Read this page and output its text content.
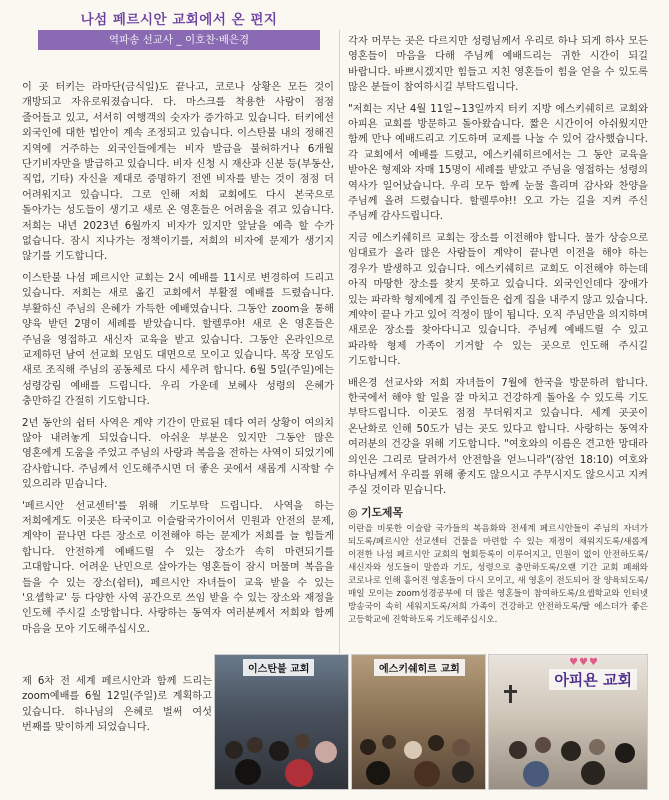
나섬 페르시안 교회에서 온 편지
역파송 선교사 _ 이호찬·배은경

이 곳 터키는 라마단(금식일)도 끝나고, 코로나 상황은 모든 것이 개방되고 자유로워졌습니다. 다. 마스크를 착용한 사람이 점점 줄어들고 있고, 서서히 여행객의 숫자가 증가하고 있습니다. 터키에선 외국인에 대한 법안이 계속 조정되고 있습니다. 이스탄불 내의 정해진 지역에 거주하는 외국인들에게는 비자 발급을 불허하거나 6개월 단기비자만을 발급하고 있습니다. 비자 신청 시 재산과 신분 등(부동산, 직업, 기타) 자신을 제대로 증명하기 전엔 비자를 받는 것이 점점 더 어려워지고 있습니다. 그로 인해 저희 교회에도 다시 본국으로 돌아가는 성도들이 생기고 새로 온 영혼들은 어려움을 겪고 있습니다. 저희는 내년 2023년 6월까지 비자가 있지만 앞날을 예측 할 수가 없습니다. 잠시 지나가는 정책이기를, 저희의 비자에 문제가 생기지 않기를 기도합니다.

이스탄불 나섬 페르시안 교회는 2시 예배를 11시로 변경하여 드리고 있습니다. 저희는 새로 옮긴 교회에서 부활절 예배를 드렸습니다. 부활하신 주님의 은혜가 가득한 예배였습니다. 그동안 zoom을 통해 양육 받던 2명이 세례를 받았습니다. 할렐루야! 새로 온 영혼들은 주님을 영접하고 새신자 교육을 받고 있습니다. 그동안 온라인으로 교제하던 남여 선교회 모임도 대면으로 모이고 있습니다. 목장 모임도 새로 조직해 주님의 공동체로 다시 세우려 합니다. 6월 5일(주일)에는 성령강림 예배를 드립니다. 우리 가운데 보혜사 성령의 은혜가 충만하길 간절히 기도합니다.

2년 동안의 쉼터 사역은 계약 기간이 만료된 데다 여러 상황이 여의치 않아 내려놓게 되었습니다. 아쉬운 부분은 있지만 그동안 많은 영혼에게 도움을 주었고 주님의 사랑과 복음을 전하는 사역이 되었기에 감사합니다. 주님께서 인도해주시면 더 좋은 곳에서 새롭게 시작할 수 있으리라 믿습니다.

'페르시안 선교센터'를 위해 기도부탁 드립니다. 사역을 하는 저희에게도 이곳은 타국이고 이슬람국가이어서 민원과 안전의 문제, 계약이 끝나면 다른 장소로 이전해야 하는 문제가 저희를 늘 힘들게 합니다. 안전하게 예배드릴 수 있는 장소가 속히 마련되기를 고대합니다. 어려운 난민으로 살아가는 영혼들이 잠시 머물며 복음을 들을 수 있는 장소(쉼터), 페르시안 자녀들이 교육 받을 수 있는 '요셉학교' 등 다양한 사역 공간으로 쓰임 받을 수 있는 장소와 재정을 인도해 주시길 소망합니다. 사랑하는 동역자 여러분께서 저희와 함께 마음을 모아 기도해주십시오.

제 6차 전 세계 페르시안과 함께 드리는 zoom예배를 6월 12일(주일)로 계획하고 있습니다. 하나님의 은혜로 벌써 여섯 번째를 맞이하게 되었습니다.

각자 머무는 곳은 다르지만 성령님께서 우리로 하나 되게 하사 모든 영혼들이 마음을 다해 주님께 예배드리는 귀한 시간이 되길 바랍니다. 바쁘시겠지만 힘들고 지친 영혼들이 힘을 얻을 수 있도록 많은 분들이 참여하시길 부탁드립니다.

"저희는 지난 4월 11일~13일까지 터키 지방 에스키쉐히르 교회와 아피욘 교회를 방문하고 돌아왔습니다. 짧은 시간이어 아쉬웠지만 함께 만나 예배드리고 기도하며 교제를 나눌 수 있어 감사했습니다. 각 교회에서 예배를 드렸고, 에스키쉐히르에서는 그 동안 교육을 받아온 형제와 자매 15명이 세례를 받았고 주님을 영접하는 성령의 역사가 일어났습니다. 우리 모두 함께 눈물 흘리며 감사와 찬양을 주님께 올려 드렸습니다. 할렐루야!! 오고 가는 길을 지켜 주신 주님께 감사드립니다.

지금 에스키쉐히르 교회는 장소를 이전해야 합니다. 물가 상승으로 임대료가 올라 많은 사람들이 계약이 끝나면 이전을 해야 하는 경우가 발생하고 있습니다. 에스키쉐히르 교회도 이전해야 하는데 아직 마땅한 장소를 찾지 못하고 있습니다. 외국인인데다 장애가 있는 파라학 형제에게 집 주인들은 쉽게 집을 내주지 않고 있습니다. 계약이 끝나 가고 있어 걱정이 많이 됩니다. 오직 주님만을 의지하며 새로운 장소를 찾아다니고 있습니다. 주님께 예배드릴 수 있고 파라학 형제 가족이 기거할 수 있는 곳으로 인도해 주시길 기도합니다.

배은경 선교사와 저희 자녀들이 7월에 한국을 방문하려 합니다. 한국에서 해야 할 일을 잘 마치고 건강하게 돌아올 수 있도록 기도 부탁드립니다. 이곳도 점점 무더워지고 있습니다. 세계 곳곳이 온난화로 인해 50도가 넘는 곳도 있다고 합니다. 사랑하는 동역자 여러분의 건강을 위해 기도합니다. "여호와의 이름은 견고한 망대라 의인은 그리로 달려가서 안전함을 얻느니라"(잠언 18:10) 여호와 하나님께서 우리를 위해 좋지도 않으시고 주무시지도 않으시고 지켜 주실 것이라 믿습니다.

◎ 기도제목

이란을 비롯한 이슬람 국가들의 복음화와 전세계 페르시안들이 주님의 자녀가 되도록/페르시안 선교센터 건물을 마련할 수 있는 재정이 채워지도록/새롭게 이전한 나섬 페르시안 교회의 협회등록이 이루어지고, 민원이 없이 안전하도록/새신자와 성도들이 말씀과 기도, 성령으로 충만하도록/오랜 기간 교회 폐쇄와 코로나로 인해 흩어진 영혼들이 다시 모이고, 새 영혼이 전도되어 잘 양육되도록/매일 모이는 zoom성경공부에 더 많은 영혼들이 참여하도록/요셉학교와 인터넷 방송국이 속히 세워지도록/저희 가족이 건강하고 안전하도록/딸 에스더가 좋은 고등학교에 진학하도록 기도해주십시오.

이스탄불 교회	에스키쉐히르 교회
♥♥♥
아피욘 교회
